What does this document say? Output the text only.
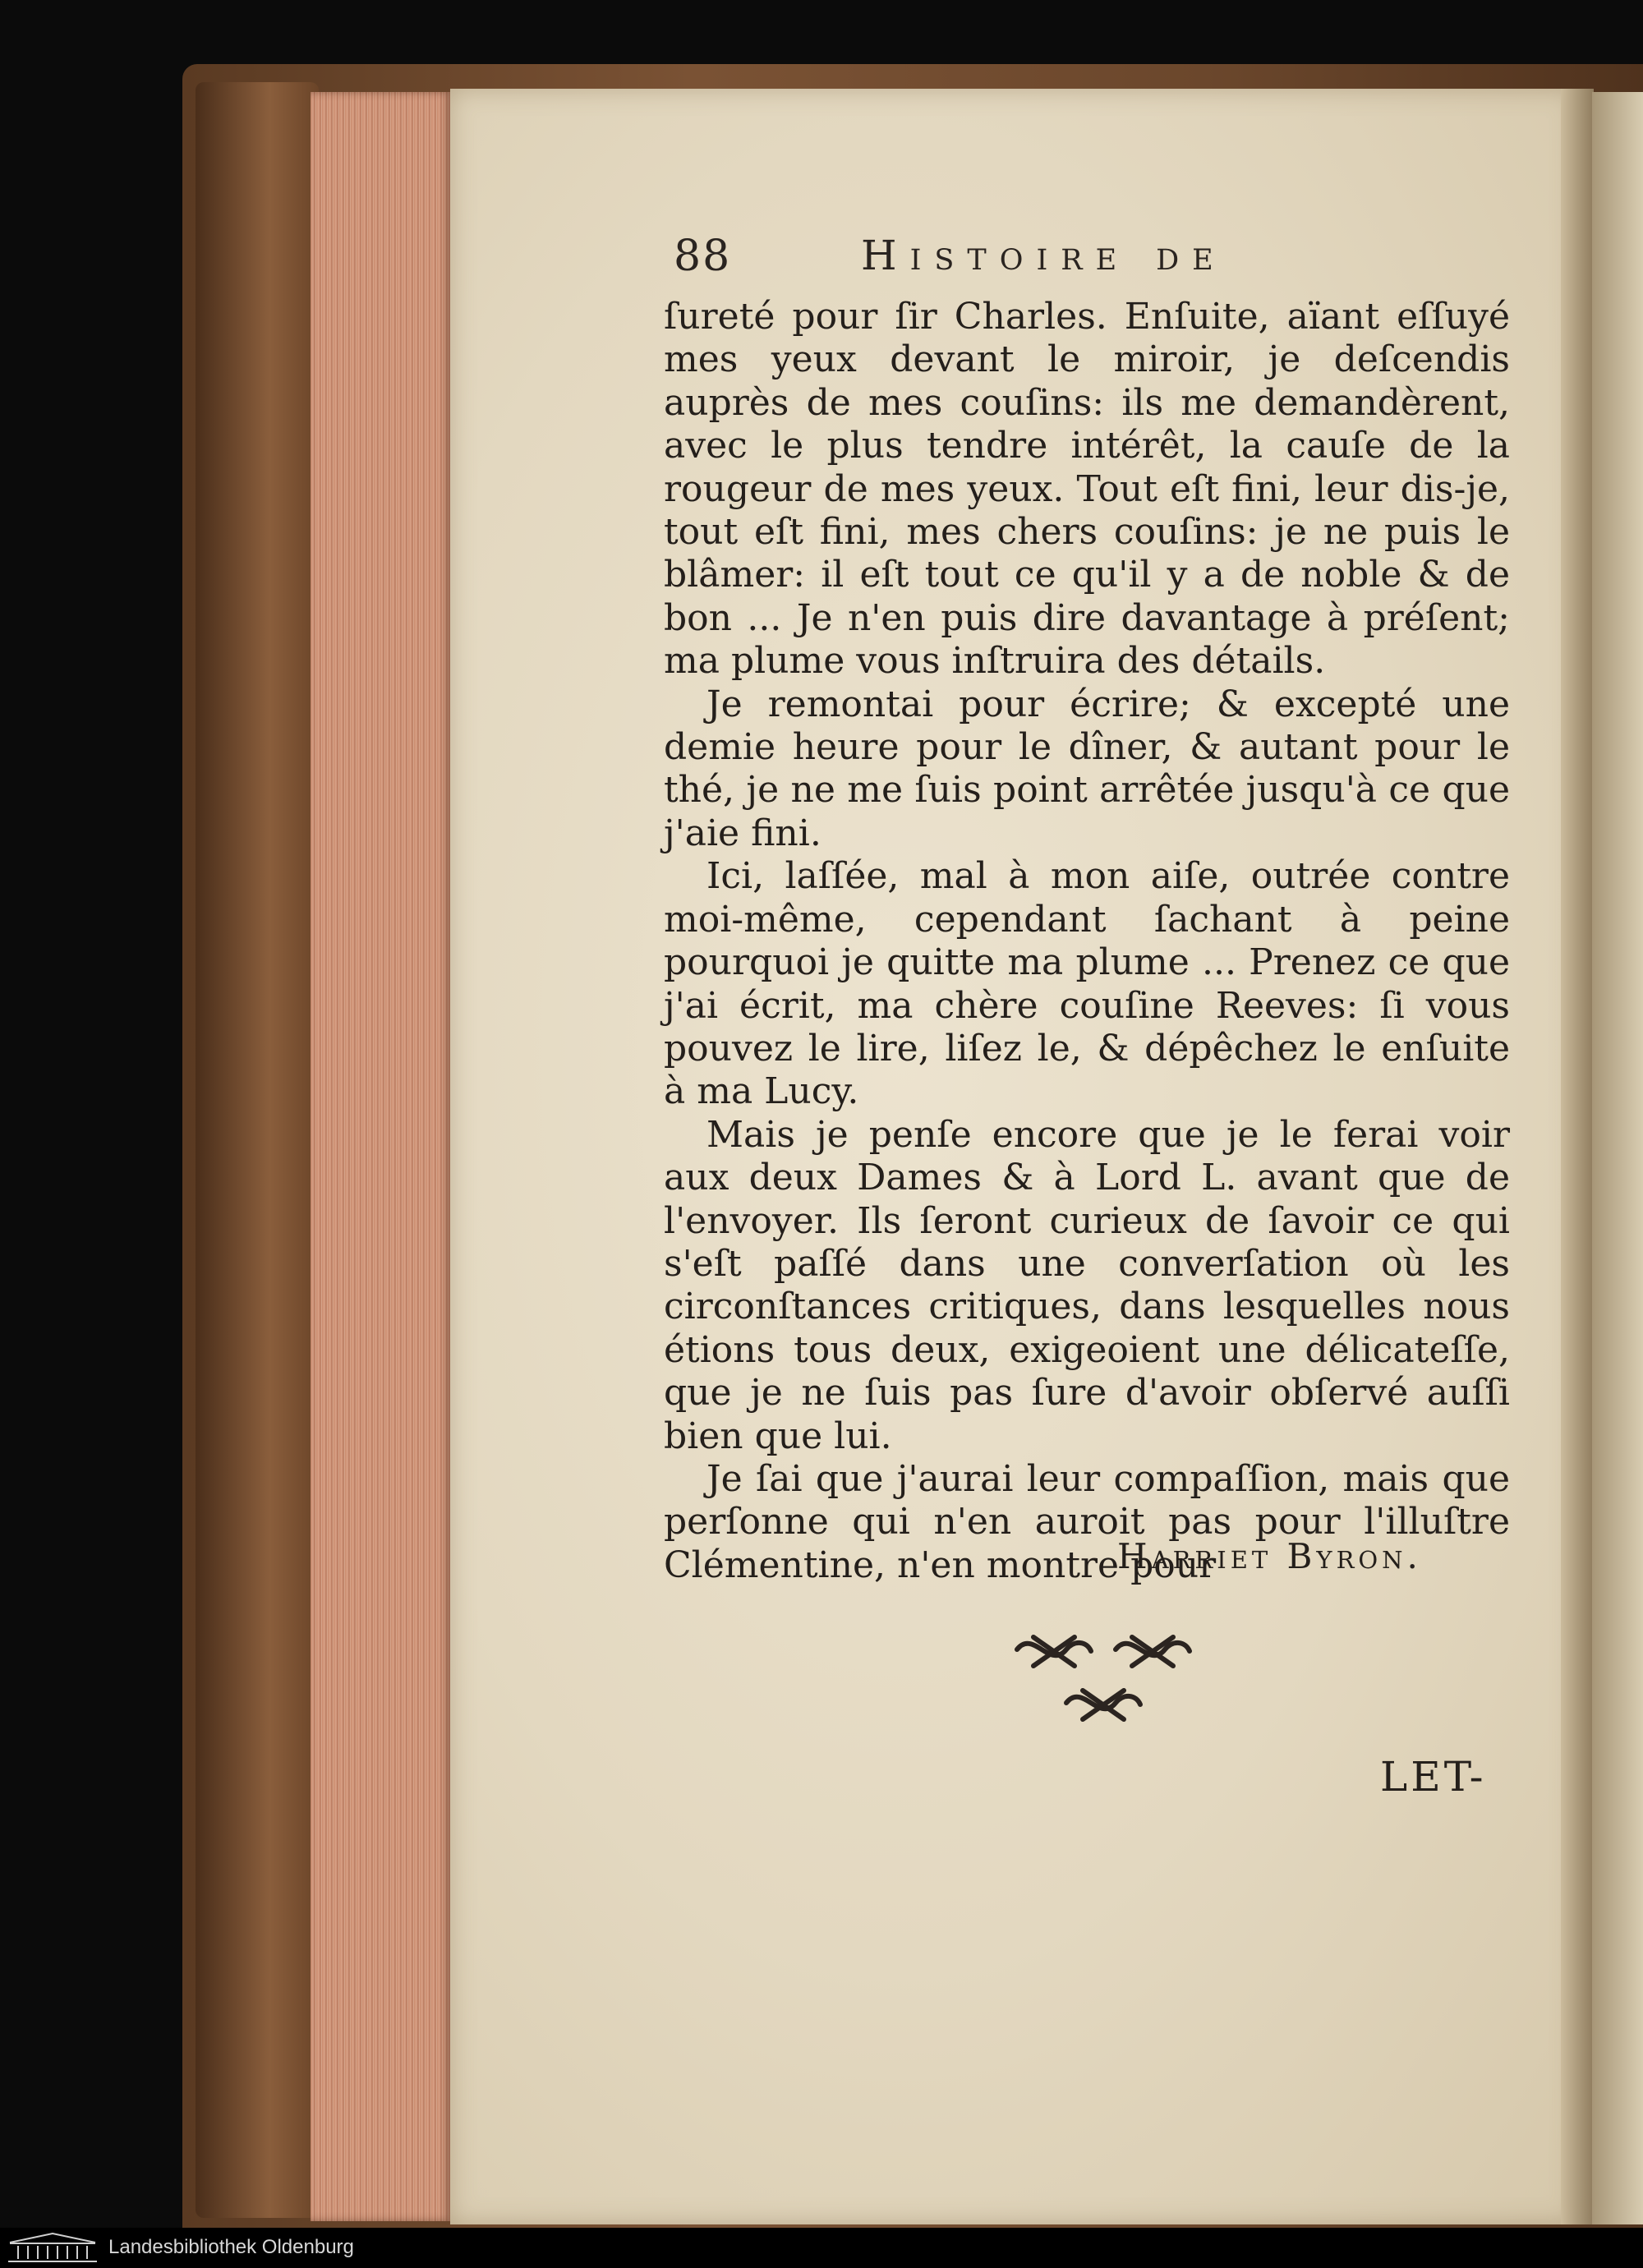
88	Histoire de

ſureté pour ſir Charles. Enſuite, aïant eſſuyé mes yeux devant le miroir, je deſcendis auprès de mes couſins: ils me demandèrent, avec le plus tendre intérêt, la cauſe de la rougeur de mes yeux. Tout eſt fini, leur dis-je, tout eſt fini, mes chers couſins: je ne puis le blâmer: il eſt tout ce qu'il y a de noble & de bon ... Je n'en puis dire davantage à préſent; ma plume vous inſtruira des détails.

Je remontai pour écrire; & excepté une demie heure pour le dîner, & autant pour le thé, je ne me ſuis point arrêtée jusqu'à ce que j'aie fini.

Ici, laſſée, mal à mon aiſe, outrée contre moi-même, cependant ſachant à peine pourquoi je quitte ma plume ... Prenez ce que j'ai écrit, ma chère couſine Reeves: ſi vous pouvez le lire, liſez le, & dépêchez le enſuite à ma Lucy.

Mais je penſe encore que je le ferai voir aux deux Dames & à Lord L. avant que de l'envoyer. Ils ſeront curieux de ſavoir ce qui s'eſt paſſé dans une converſation où les circonſtances critiques, dans lesquelles nous étions tous deux, exigeoient une délicateſſe, que je ne ſuis pas ſure d'avoir obſervé auſſi bien que lui.

Je ſai que j'aurai leur compaſſion, mais que perſonne qui n'en auroit pas pour l'illuſtre Clémentine, n'en montre pour

Harriet Byron.
LET-
Landesbibliothek Oldenburg
